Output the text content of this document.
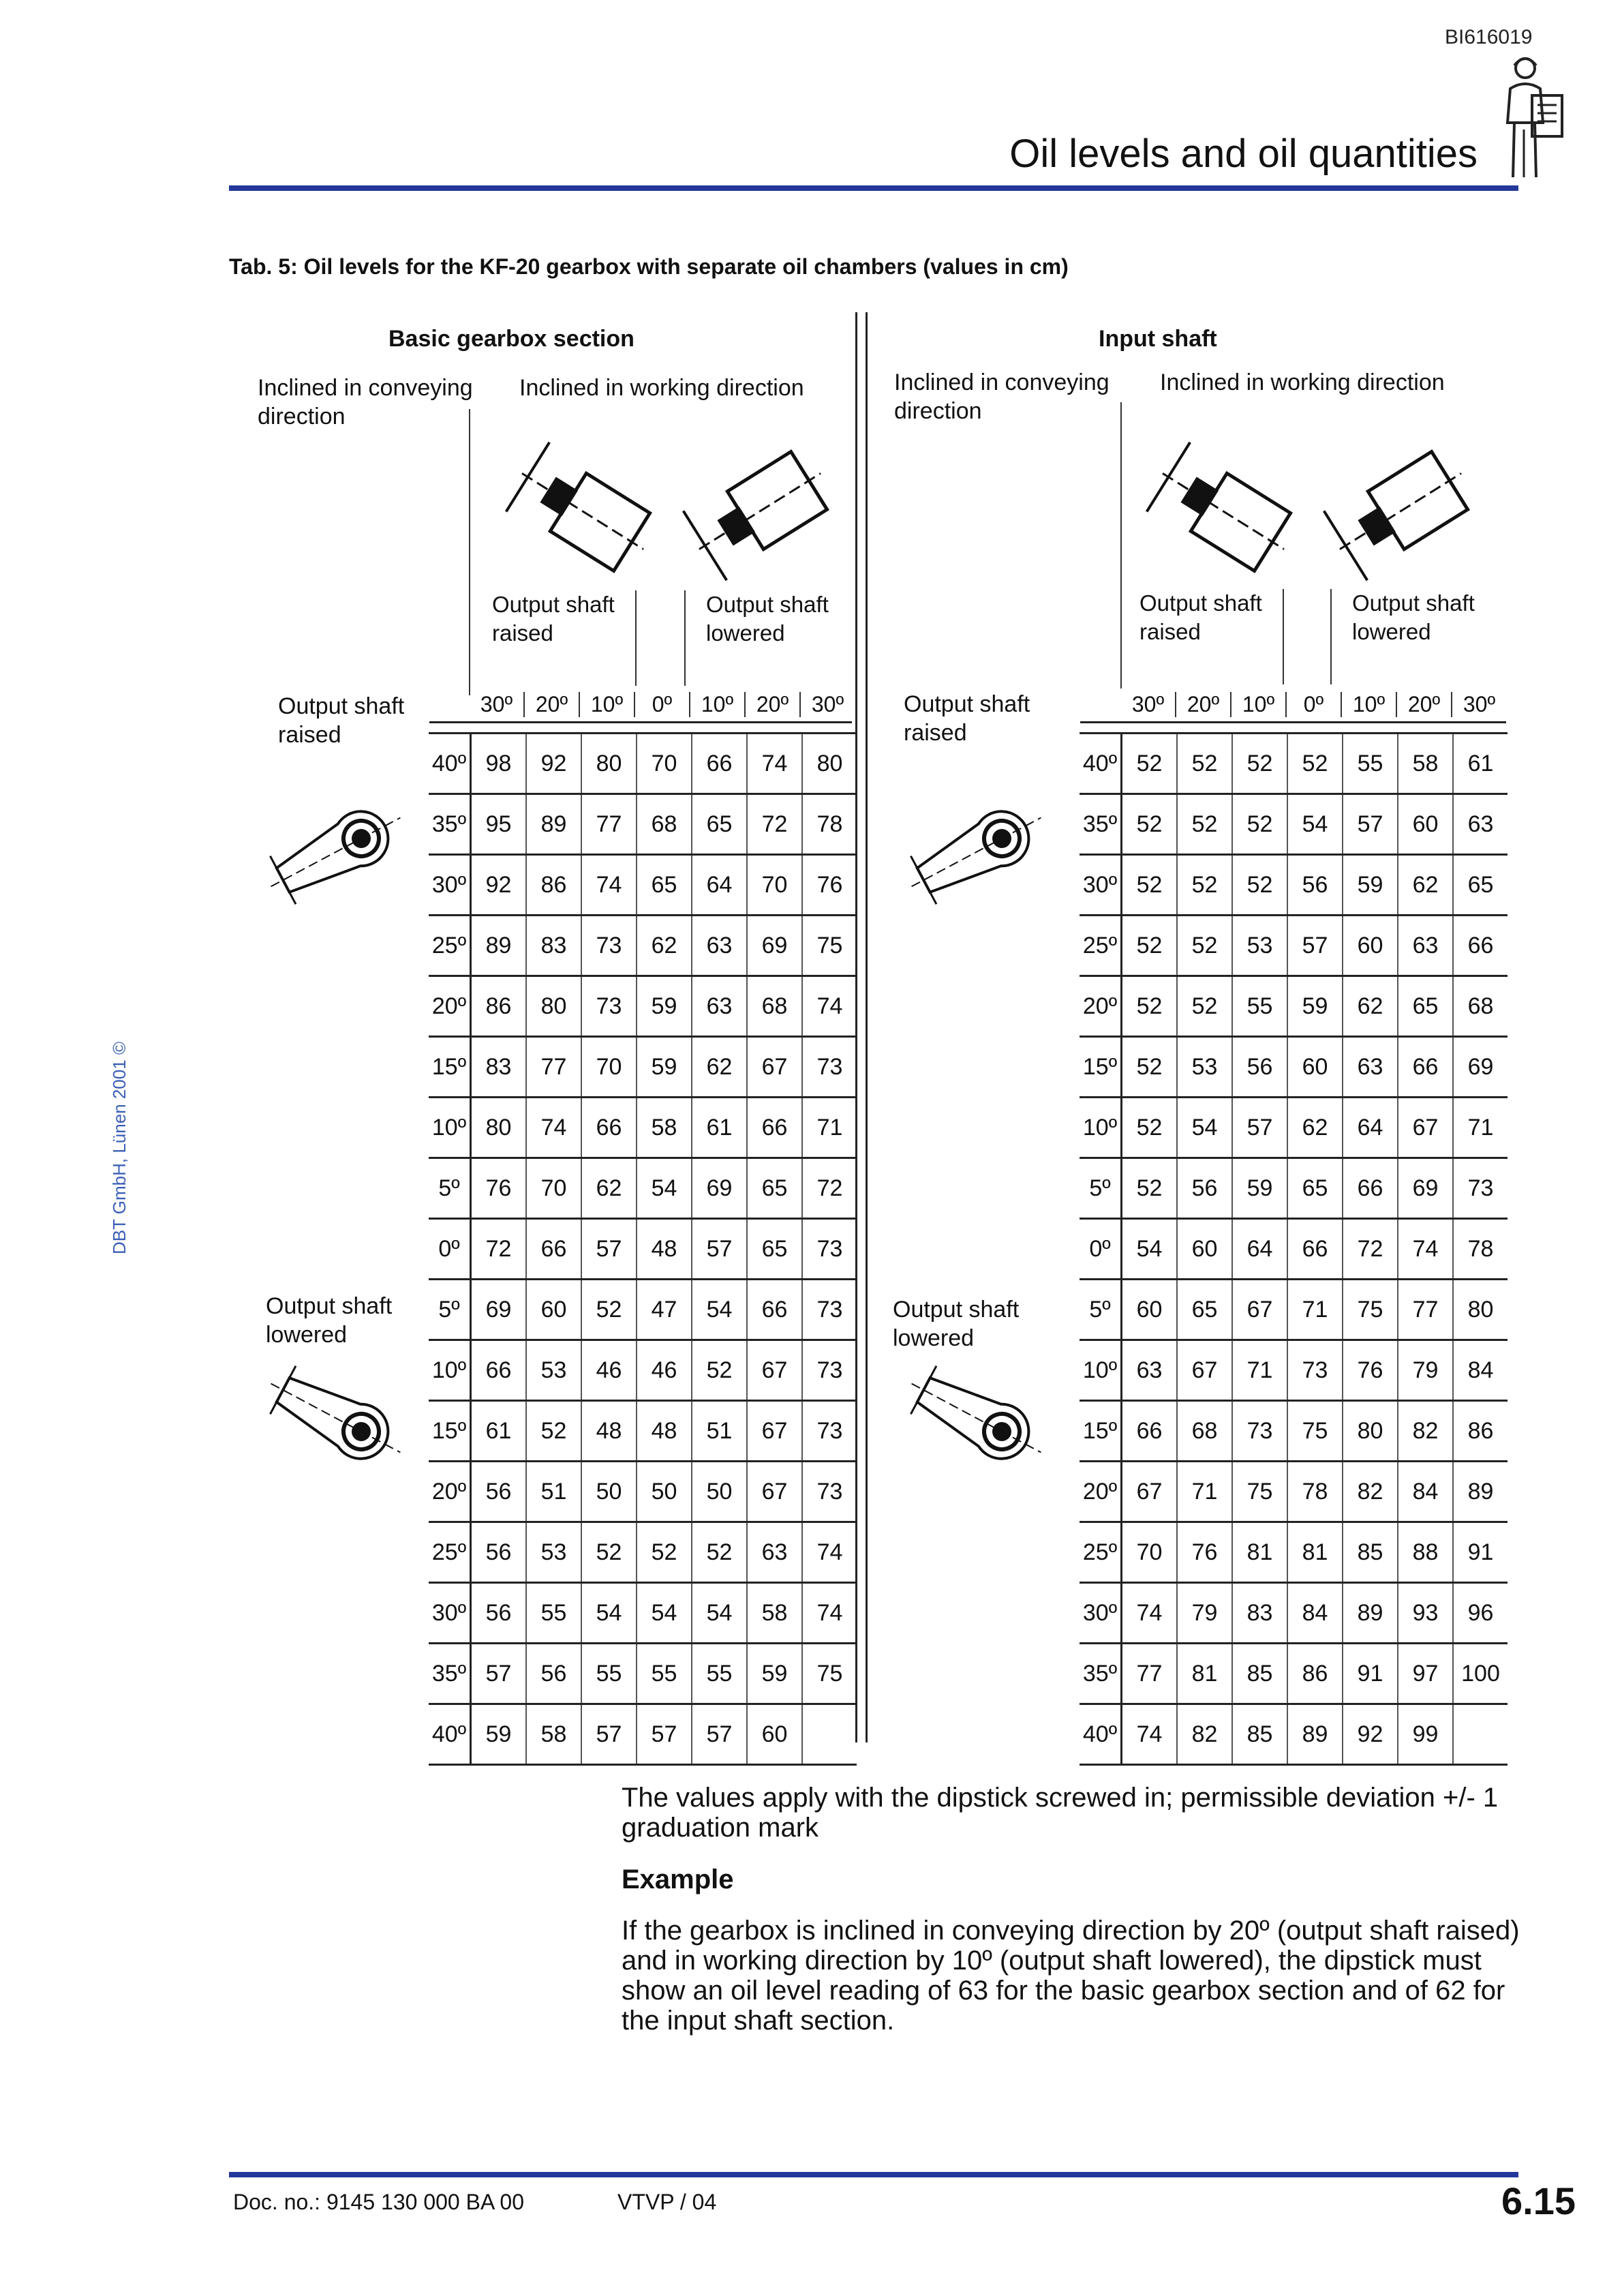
BI616019
Oil levels and oil quantities
Tab. 5: Oil levels for the KF-20 gearbox with separate oil chambers (values in cm)
Basic gearbox section
Inclined in conveying direction
Inclined in working direction
Output shaft raised
Output shaft lowered
Output shaft raised
Output shaft lowered
30º	20º	10º	0º	10º	20º	30º
40º	98	92	80	70	66	74	80
35º	95	89	77	68	65	72	78
30º	92	86	74	65	64	70	76
25º	89	83	73	62	63	69	75
20º	86	80	73	59	63	68	74
15º	83	77	70	59	62	67	73
10º	80	74	66	58	61	66	71
5º	76	70	62	54	69	65	72
0º	72	66	57	48	57	65	73
5º	69	60	52	47	54	66	73
10º	66	53	46	46	52	67	73
15º	61	52	48	48	51	67	73
20º	56	51	50	50	50	67	73
25º	56	53	52	52	52	63	74
30º	56	55	54	54	54	58	74
35º	57	56	55	55	55	59	75
40º	59	58	57	57	57	60	
Input shaft
Inclined in conveying direction
Inclined in working direction
Output shaft raised
Output shaft lowered
Output shaft raised
Output shaft lowered
30º	20º	10º	0º	10º	20º	30º
40º	52	52	52	52	55	58	61
35º	52	52	52	54	57	60	63
30º	52	52	52	56	59	62	65
25º	52	52	53	57	60	63	66
20º	52	52	55	59	62	65	68
15º	52	53	56	60	63	66	69
10º	52	54	57	62	64	67	71
5º	52	56	59	65	66	69	73
0º	54	60	64	66	72	74	78
5º	60	65	67	71	75	77	80
10º	63	67	71	73	76	79	84
15º	66	68	73	75	80	82	86
20º	67	71	75	78	82	84	89
25º	70	76	81	81	85	88	91
30º	74	79	83	84	89	93	96
35º	77	81	85	86	91	97	100
40º	74	82	85	89	92	99	
DBT GmbH, Lünen 2001 ©
The values apply with the dipstick screwed in; permissible deviation +/- 1 graduation mark
Example
If the gearbox is inclined in conveying direction by 20º (output shaft raised) and in working direction by 10º (output shaft lowered), the dipstick must show an oil level reading of 63 for the basic gearbox section and of 62 for the input shaft section.
Doc. no.: 9145 130 000 BA 00	VTVP / 04	6.15
